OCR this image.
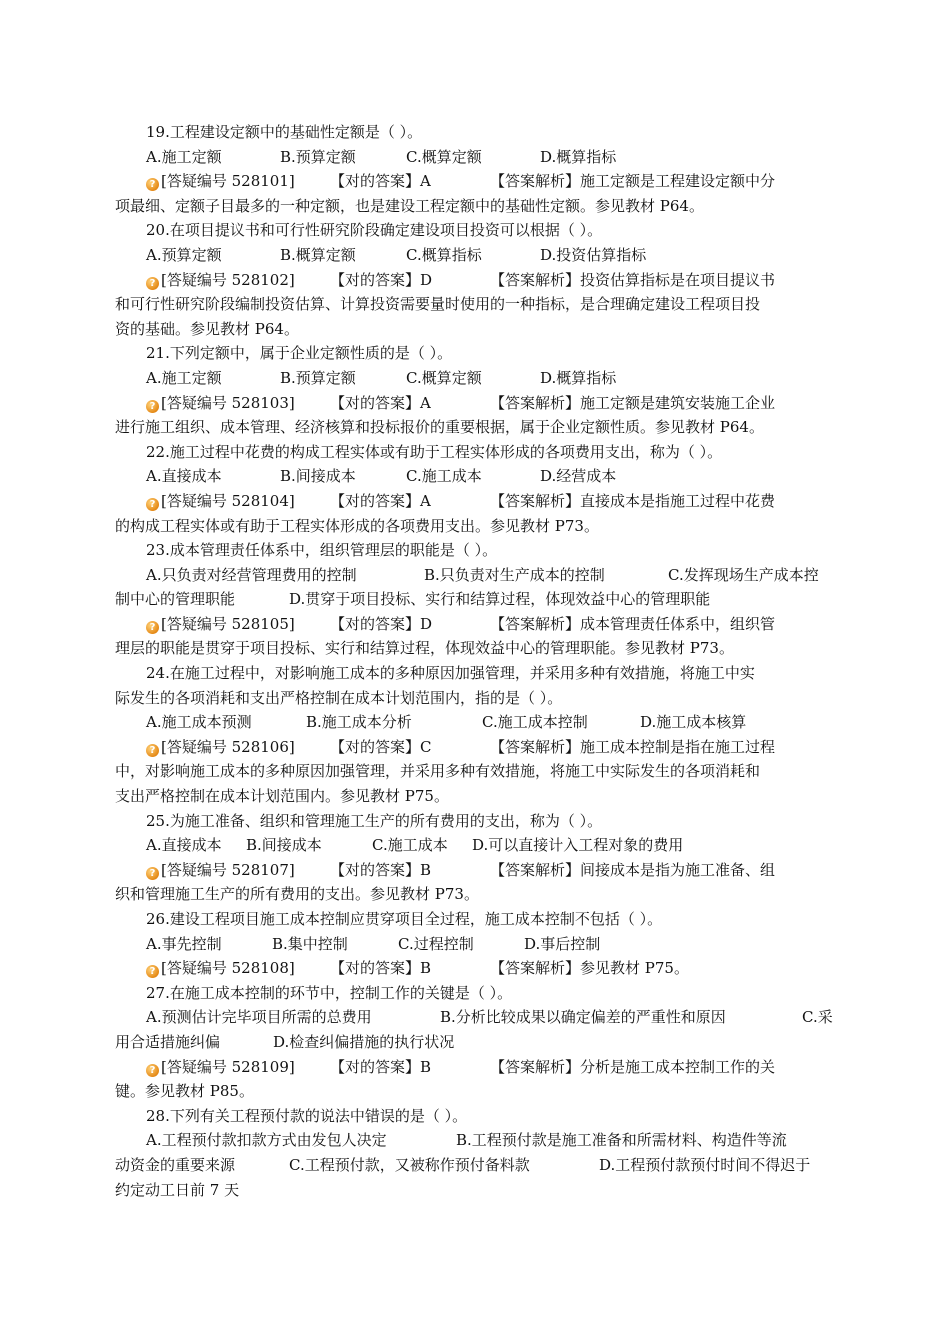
19.工程建设定额中的基础性定额是（ ）。
A.施工定额	B.预算定额	C.概算定额	D.概算指标
? [答疑编号 528101]	【对的答案】A	【答案解析】施工定额是工程建设定额中分
项最细、定额子目最多的一种定额，也是建设工程定额中的基础性定额。参见教材 P64。
20.在项目提议书和可行性研究阶段确定建设项目投资可以根据（ ）。
A.预算定额	B.概算定额	C.概算指标	D.投资估算指标
? [答疑编号 528102]	【对的答案】D	【答案解析】投资估算指标是在项目提议书
和可行性研究阶段编制投资估算、计算投资需要量时使用的一种指标，是合理确定建设工程项目投
资的基础。参见教材 P64。
21.下列定额中，属于企业定额性质的是（ ）。
A.施工定额	B.预算定额	C.概算定额	D.概算指标
? [答疑编号 528103]	【对的答案】A	【答案解析】施工定额是建筑安装施工企业
进行施工组织、成本管理、经济核算和投标报价的重要根据，属于企业定额性质。参见教材 P64。
22.施工过程中花费的构成工程实体或有助于工程实体形成的各项费用支出，称为（ ）。
A.直接成本	B.间接成本	C.施工成本	D.经营成本
? [答疑编号 528104]	【对的答案】A	【答案解析】直接成本是指施工过程中花费
的构成工程实体或有助于工程实体形成的各项费用支出。参见教材 P73。
23.成本管理责任体系中，组织管理层的职能是（ ）。
A.只负责对经营管理费用的控制	B.只负责对生产成本的控制	C.发挥现场生产成本控
制中心的管理职能	D.贯穿于项目投标、实行和结算过程，体现效益中心的管理职能
? [答疑编号 528105]	【对的答案】D	【答案解析】成本管理责任体系中，组织管
理层的职能是贯穿于项目投标、实行和结算过程，体现效益中心的管理职能。参见教材 P73。
24.在施工过程中，对影响施工成本的多种原因加强管理，并采用多种有效措施，将施工中实
际发生的各项消耗和支出严格控制在成本计划范围内，指的是（ ）。
A.施工成本预测	B.施工成本分析	C.施工成本控制	D.施工成本核算
? [答疑编号 528106]	【对的答案】C	【答案解析】施工成本控制是指在施工过程
中，对影响施工成本的多种原因加强管理，并采用多种有效措施，将施工中实际发生的各项消耗和
支出严格控制在成本计划范围内。参见教材 P75。
25.为施工准备、组织和管理施工生产的所有费用的支出，称为（ ）。
A.直接成本	B.间接成本	C.施工成本	D.可以直接计入工程对象的费用
? [答疑编号 528107]	【对的答案】B	【答案解析】间接成本是指为施工准备、组
织和管理施工生产的所有费用的支出。参见教材 P73。
26.建设工程项目施工成本控制应贯穿项目全过程，施工成本控制不包括（ ）。
A.事先控制	B.集中控制	C.过程控制	D.事后控制
? [答疑编号 528108]	【对的答案】B	【答案解析】参见教材 P75。
27.在施工成本控制的环节中，控制工作的关键是（ ）。
A.预测估计完毕项目所需的总费用	B.分析比较成果以确定偏差的严重性和原因	C.采
用合适措施纠偏	D.检查纠偏措施的执行状况
? [答疑编号 528109]	【对的答案】B	【答案解析】分析是施工成本控制工作的关
键。参见教材 P85。
28.下列有关工程预付款的说法中错误的是（ ）。
A.工程预付款扣款方式由发包人决定	B.工程预付款是施工准备和所需材料、构造件等流
动资金的重要来源	C.工程预付款，又被称作预付备料款	D.工程预付款预付时间不得迟于
约定动工日前 7 天
